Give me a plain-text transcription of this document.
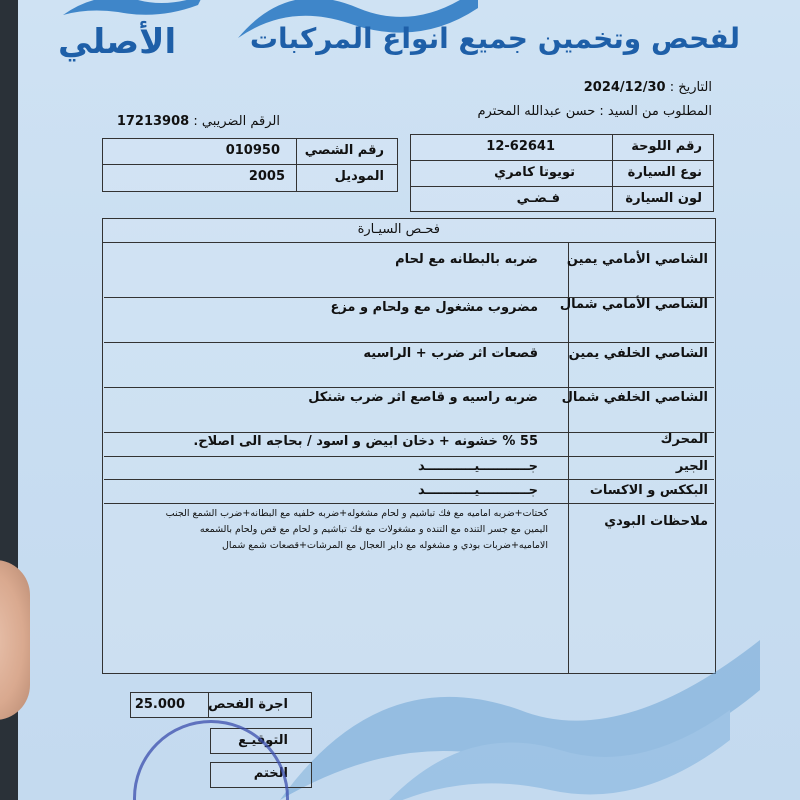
الأصلي	لفحص وتخمين جميع انواع المركبات
التاريخ : 2024/12/30
المطلوب من السيد : حسن عبدالله المحترم
الرقم الضريبي : 17213908
رقم اللوحة
12-62641
نوع السيارة
تويوتا كامري
لون السيارة
فـضـي
رقم الشصي
010950
الموديل
2005
فحـص السيـارة
الشاصي الأمامي يمين
ضربه بالبطانه مع لحام
الشاصي الأمامي شمال
مضروب مشغول مع ولحام و مزع
الشاصي الخلفي يمين
قصعات اثر ضرب + الراسيه
الشاصي الخلفي شمال
ضربه راسيه و قاصع اثر ضرب شنكل
المحرك
55 % خشونه + دخان ابيض و اسود / بحاجه الى اصلاح.
الجير
جـــــــــــيـــــــــــد
البككس و الاكسات
جـــــــــــيـــــــــــد
ملاحظات البودي
كحتات+ضربه اماميه مع فك تباشيم و لحام مشغوله+ضربه خلفيه مع البطانه+ضرب الشمع الجنب
اليمين مع جسر التنده مع التنده و مشغولات مع فك تباشيم و لحام مع قص ولحام بالشمعه
الاماميه+ضربات بودي و مشغوله مع داير العجال مع المرشات+قصعات شمع شمال
25.000 اجرة الفحص
التوقيـع
الختم
